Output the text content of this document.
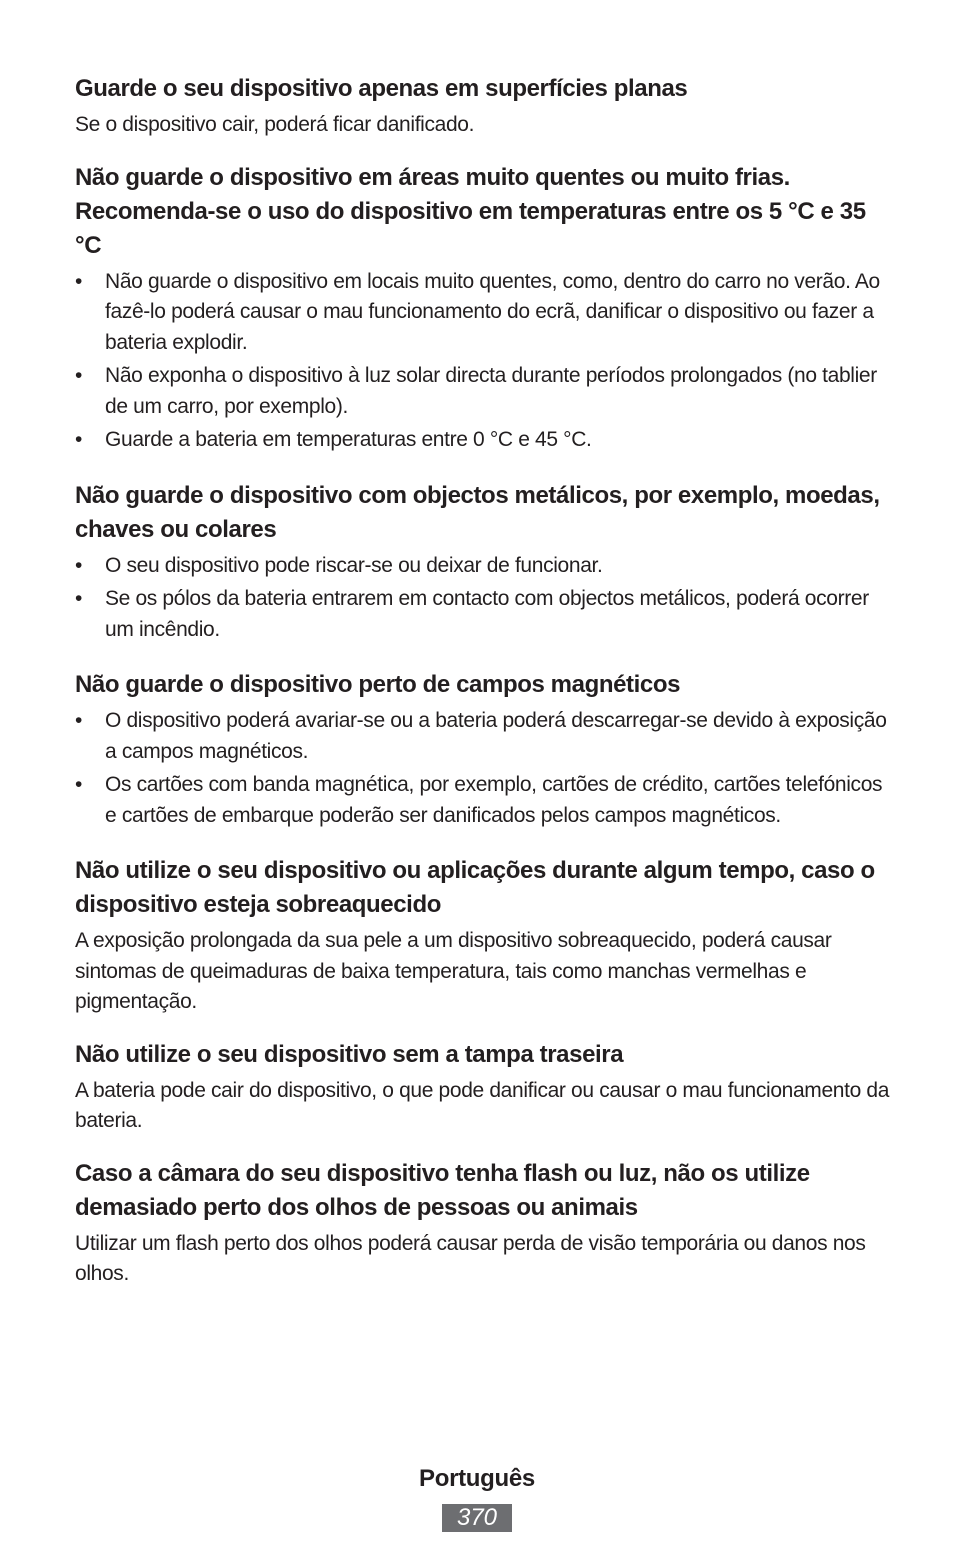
Guarde o seu dispositivo apenas em superfícies planas

Se o dispositivo cair, poderá ficar danificado.

Não guarde o dispositivo em áreas muito quentes ou muito frias. Recomenda-se o uso do dispositivo em temperaturas entre os 5 °C e 35 °C
•	Não guarde o dispositivo em locais muito quentes, como, dentro do carro no verão. Ao fazê-lo poderá causar o mau funcionamento do ecrã, danificar o dispositivo ou fazer a bateria explodir.
•	Não exponha o dispositivo à luz solar directa durante períodos prolongados (no tablier de um carro, por exemplo).
•	Guarde a bateria em temperaturas entre 0 °C e 45 °C.
Não guarde o dispositivo com objectos metálicos, por exemplo, moedas, chaves ou colares
•	O seu dispositivo pode riscar-se ou deixar de funcionar.
•	Se os pólos da bateria entrarem em contacto com objectos metálicos, poderá ocorrer um incêndio.
Não guarde o dispositivo perto de campos magnéticos
•	O dispositivo poderá avariar-se ou a bateria poderá descarregar-se devido à exposição a campos magnéticos.
•	Os cartões com banda magnética, por exemplo, cartões de crédito, cartões telefónicos e cartões de embarque poderão ser danificados pelos campos magnéticos.
Não utilize o seu dispositivo ou aplicações durante algum tempo, caso o dispositivo esteja sobreaquecido

A exposição prolongada da sua pele a um dispositivo sobreaquecido, poderá causar sintomas de queimaduras de baixa temperatura, tais como manchas vermelhas e pigmentação.

Não utilize o seu dispositivo sem a tampa traseira

A bateria pode cair do dispositivo, o que pode danificar ou causar o mau funcionamento da bateria.

Caso a câmara do seu dispositivo tenha flash ou luz, não os utilize demasiado perto dos olhos de pessoas ou animais

Utilizar um flash perto dos olhos poderá causar perda de visão temporária ou danos nos olhos.

Português
370
